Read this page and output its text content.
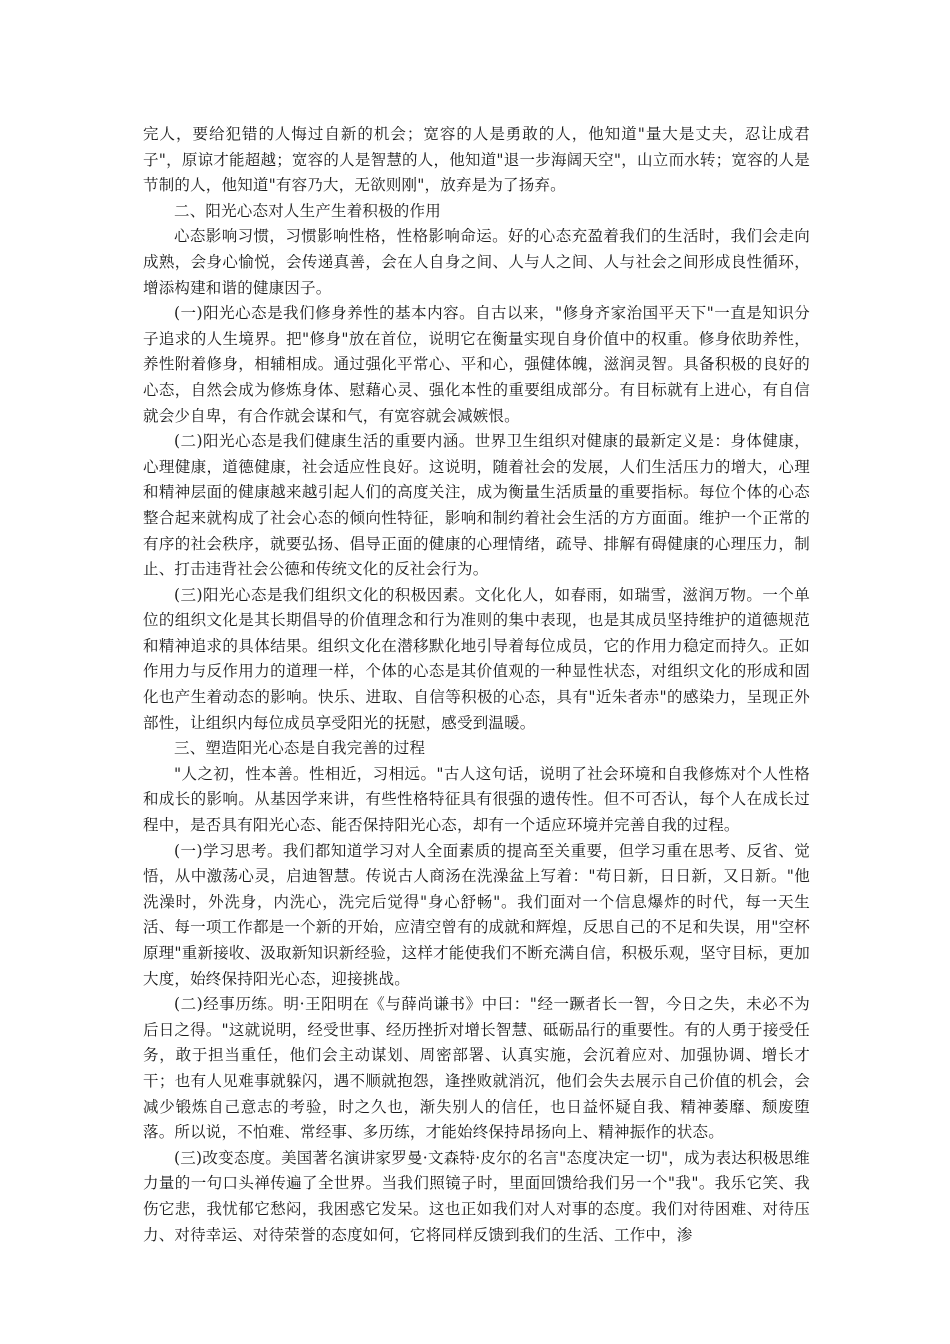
完人，要给犯错的人悔过自新的机会；宽容的人是勇敢的人，他知道"量大是丈夫，忍让成君子"，原谅才能超越；宽容的人是智慧的人，他知道"退一步海阔天空"，山立而水转；宽容的人是节制的人，他知道"有容乃大，无欲则刚"，放弃是为了扬弃。

二、阳光心态对人生产生着积极的作用

心态影响习惯，习惯影响性格，性格影响命运。好的心态充盈着我们的生活时，我们会走向成熟，会身心愉悦，会传递真善，会在人自身之间、人与人之间、人与社会之间形成良性循环，增添构建和谐的健康因子。

(一)阳光心态是我们修身养性的基本内容。自古以来，"修身齐家治国平天下"一直是知识分子追求的人生境界。把"修身"放在首位，说明它在衡量实现自身价值中的权重。修身依助养性，养性附着修身，相辅相成。通过强化平常心、平和心，强健体魄，滋润灵智。具备积极的良好的心态，自然会成为修炼身体、慰藉心灵、强化本性的重要组成部分。有目标就有上进心，有自信就会少自卑，有合作就会谋和气，有宽容就会减嫉恨。

(二)阳光心态是我们健康生活的重要内涵。世界卫生组织对健康的最新定义是：身体健康，心理健康，道德健康，社会适应性良好。这说明，随着社会的发展，人们生活压力的增大，心理和精神层面的健康越来越引起人们的高度关注，成为衡量生活质量的重要指标。每位个体的心态整合起来就构成了社会心态的倾向性特征，影响和制约着社会生活的方方面面。维护一个正常的有序的社会秩序，就要弘扬、倡导正面的健康的心理情绪，疏导、排解有碍健康的心理压力，制止、打击违背社会公德和传统文化的反社会行为。

(三)阳光心态是我们组织文化的积极因素。文化化人，如春雨，如瑞雪，滋润万物。一个单位的组织文化是其长期倡导的价值理念和行为准则的集中表现，也是其成员坚持维护的道德规范和精神追求的具体结果。组织文化在潜移默化地引导着每位成员，它的作用力稳定而持久。正如作用力与反作用力的道理一样，个体的心态是其价值观的一种显性状态，对组织文化的形成和固化也产生着动态的影响。快乐、进取、自信等积极的心态，具有"近朱者赤"的感染力，呈现正外部性，让组织内每位成员享受阳光的抚慰，感受到温暖。

三、塑造阳光心态是自我完善的过程

"人之初，性本善。性相近，习相远。"古人这句话，说明了社会环境和自我修炼对个人性格和成长的影响。从基因学来讲，有些性格特征具有很强的遗传性。但不可否认，每个人在成长过程中，是否具有阳光心态、能否保持阳光心态，却有一个适应环境并完善自我的过程。

(一)学习思考。我们都知道学习对人全面素质的提高至关重要，但学习重在思考、反省、觉悟，从中激荡心灵，启迪智慧。传说古人商汤在洗澡盆上写着："苟日新，日日新，又日新。"他洗澡时，外洗身，内洗心，洗完后觉得"身心舒畅"。我们面对一个信息爆炸的时代，每一天生活、每一项工作都是一个新的开始，应清空曾有的成就和辉煌，反思自己的不足和失误，用"空杯原理"重新接收、汲取新知识新经验，这样才能使我们不断充满自信，积极乐观，坚守目标，更加大度，始终保持阳光心态，迎接挑战。

(二)经事历练。明·王阳明在《与薛尚谦书》中曰："经一蹶者长一智，今日之失，未必不为后日之得。"这就说明，经受世事、经历挫折对增长智慧、砥砺品行的重要性。有的人勇于接受任务，敢于担当重任，他们会主动谋划、周密部署、认真实施，会沉着应对、加强协调、增长才干；也有人见难事就躲闪，遇不顺就抱怨，逢挫败就消沉，他们会失去展示自己价值的机会，会减少锻炼自己意志的考验，时之久也，渐失别人的信任，也日益怀疑自我、精神萎靡、颓废堕落。所以说，不怕难、常经事、多历练，才能始终保持昂扬向上、精神振作的状态。

(三)改变态度。美国著名演讲家罗曼·文森特·皮尔的名言"态度决定一切"，成为表达积极思维力量的一句口头禅传遍了全世界。当我们照镜子时，里面回馈给我们另一个"我"。我乐它笑、我伤它悲，我忧郁它愁闷，我困惑它发呆。这也正如我们对人对事的态度。我们对待困难、对待压力、对待幸运、对待荣誉的态度如何，它将同样反馈到我们的生活、工作中，渗
